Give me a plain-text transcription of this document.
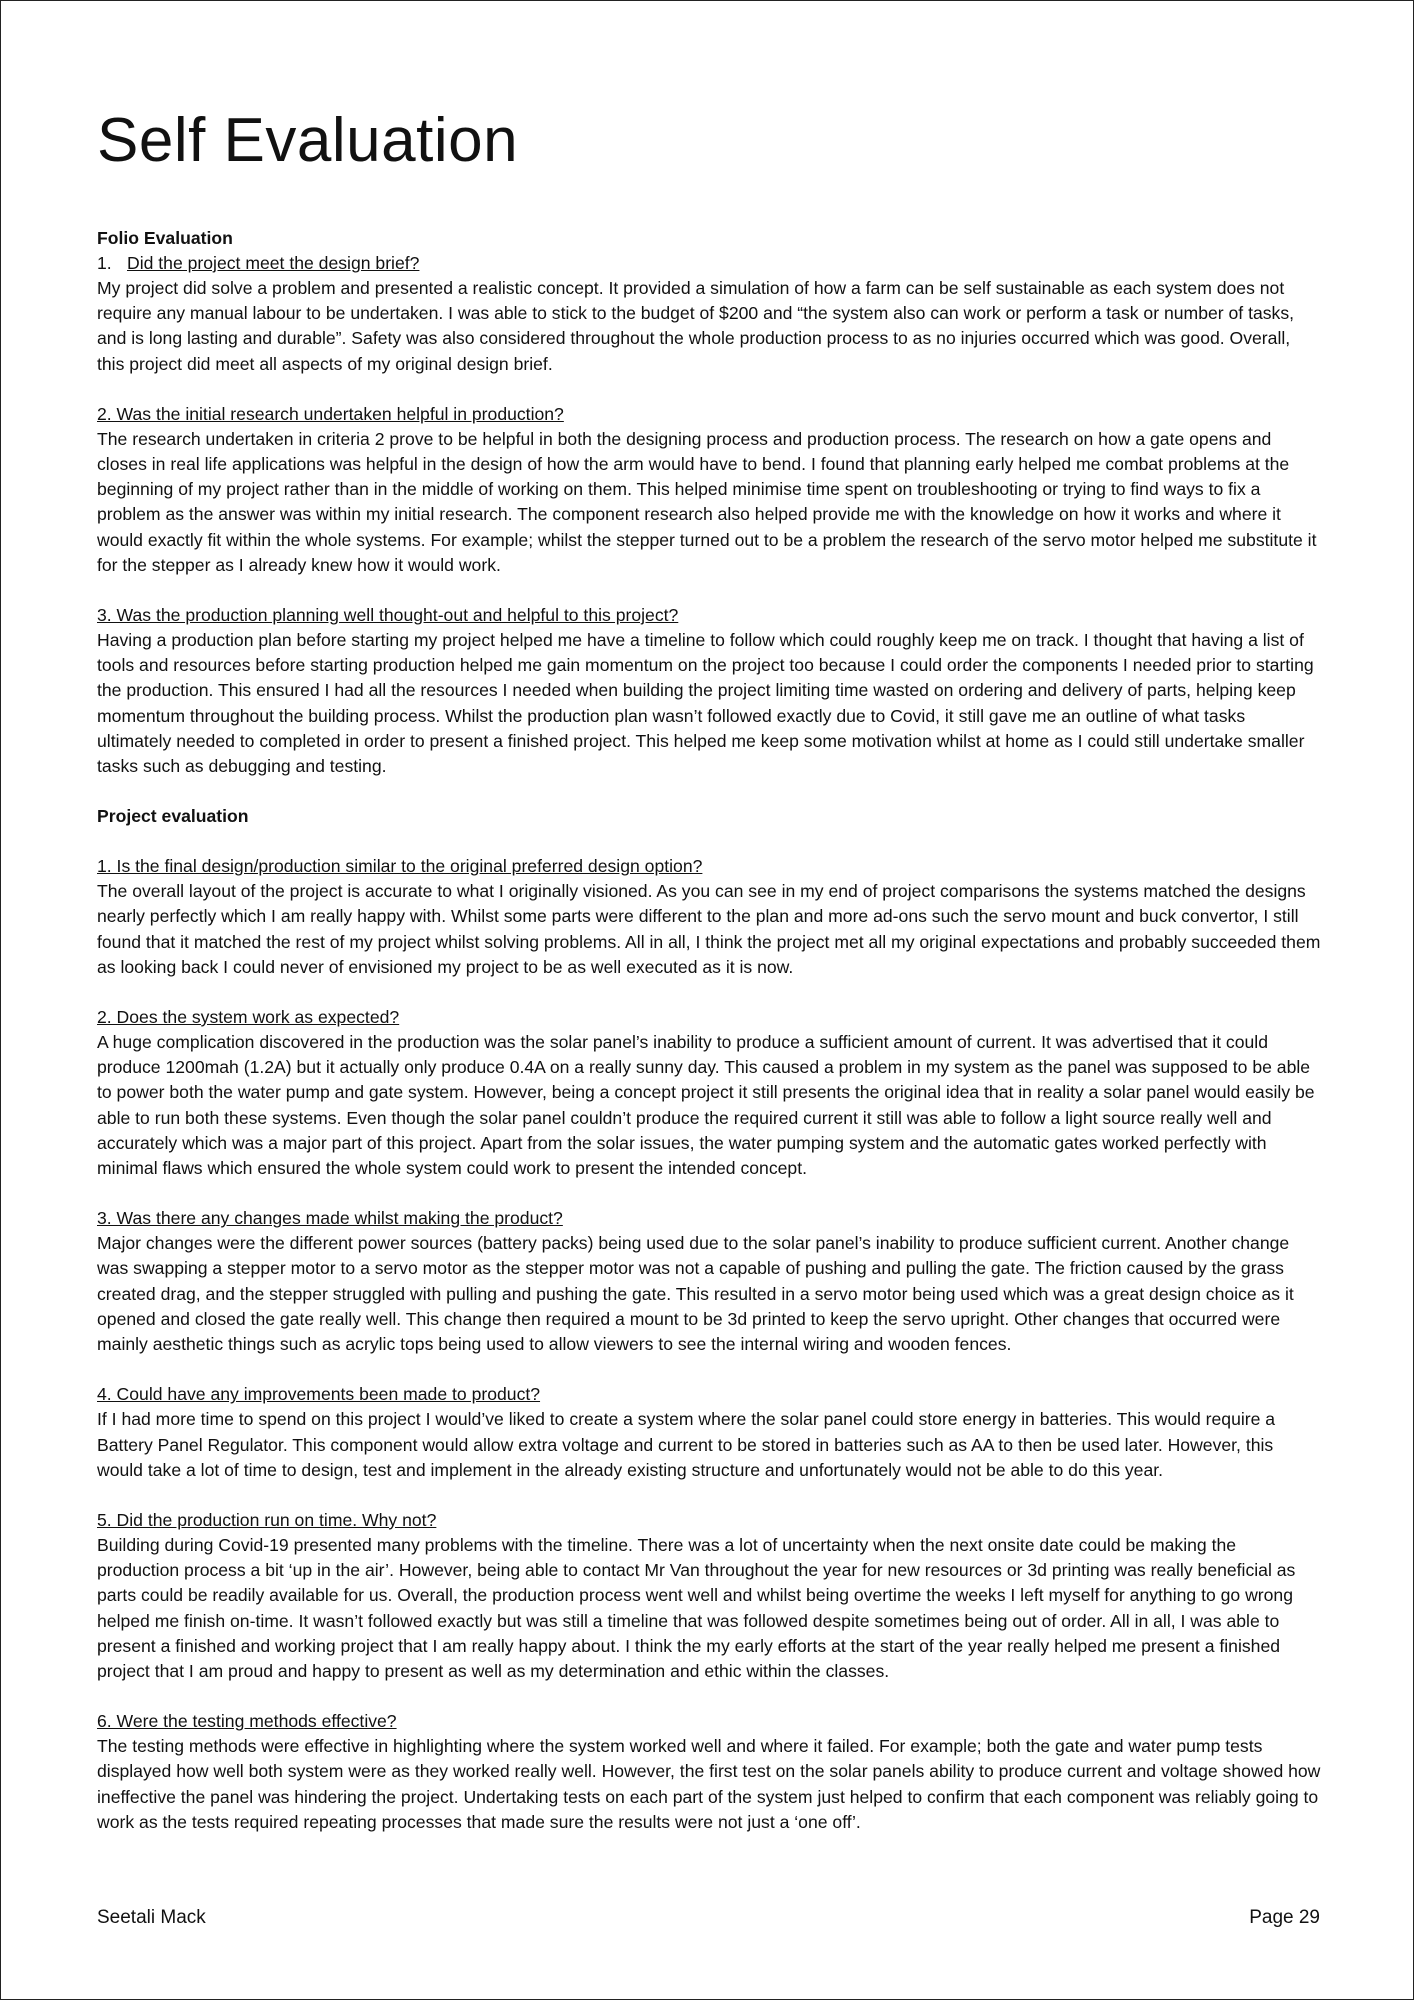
Self Evaluation

Folio Evaluation

1. Did the project meet the design brief?

My project did solve a problem and presented a realistic concept. It provided a simulation of how a farm can be self sustainable as each system does not require any manual labour to be undertaken. I was able to stick to the budget of $200 and “the system also can work or perform a task or number of tasks, and is long lasting and durable”. Safety was also considered throughout the whole production process to as no injuries occurred which was good. Overall, this project did meet all aspects of my original design brief.

2. Was the initial research undertaken helpful in production?

The research undertaken in criteria 2 prove to be helpful in both the designing process and production process. The research on how a gate opens and closes in real life applications was helpful in the design of how the arm would have to bend. I found that planning early helped me combat problems at the beginning of my project rather than in the middle of working on them. This helped minimise time spent on troubleshooting or trying to find ways to fix a problem as the answer was within my initial research. The component research also helped provide me with the knowledge on how it works and where it would exactly fit within the whole systems. For example; whilst the stepper turned out to be a problem the research of the servo motor helped me substitute it for the stepper as I already knew how it would work.

3. Was the production planning well thought-out and helpful to this project?

Having a production plan before starting my project helped me have a timeline to follow which could roughly keep me on track. I thought that having a list of tools and resources before starting production helped me gain momentum on the project too because I could order the components I needed prior to starting the production. This ensured I had all the resources I needed when building the project limiting time wasted on ordering and delivery of parts, helping keep momentum throughout the building process. Whilst the production plan wasn’t followed exactly due to Covid, it still gave me an outline of what tasks ultimately needed to completed in order to present a finished project. This helped me keep some motivation whilst at home as I could still undertake smaller tasks such as debugging and testing.

Project evaluation

1. Is the final design/production similar to the original preferred design option?

The overall layout of the project is accurate to what I originally visioned. As you can see in my end of project comparisons the systems matched the designs nearly perfectly which I am really happy with. Whilst some parts were different to the plan and more ad-ons such the servo mount and buck convertor, I still found that it matched the rest of my project whilst solving problems. All in all, I think the project met all my original expectations and probably succeeded them as looking back I could never of envisioned my project to be as well executed as it is now.

2. Does the system work as expected?

A huge complication discovered in the production was the solar panel’s inability to produce a sufficient amount of current. It was advertised that it could produce 1200mah (1.2A) but it actually only produce 0.4A on a really sunny day. This caused a problem in my system as the panel was supposed to be able to power both the water pump and gate system. However, being a concept project it still presents the original idea that in reality a solar panel would easily be able to run both these systems. Even though the solar panel couldn’t produce the required current it still was able to follow a light source really well and accurately which was a major part of this project. Apart from the solar issues, the water pumping system and the automatic gates worked perfectly with minimal flaws which ensured the whole system could work to present the intended concept.

3. Was there any changes made whilst making the product?

Major changes were the different power sources (battery packs) being used due to the solar panel’s inability to produce sufficient current. Another change was swapping a stepper motor to a servo motor as the stepper motor was not a capable of pushing and pulling the gate. The friction caused by the grass created drag, and the stepper struggled with pulling and pushing the gate. This resulted in a servo motor being used which was a great design choice as it opened and closed the gate really well. This change then required a mount to be 3d printed to keep the servo upright. Other changes that occurred were mainly aesthetic things such as acrylic tops being used to allow viewers to see the internal wiring and wooden fences.

4. Could have any improvements been made to product?

If I had more time to spend on this project I would’ve liked to create a system where the solar panel could store energy in batteries. This would require a Battery Panel Regulator. This component would allow extra voltage and current to be stored in batteries such as AA to then be used later. However, this would take a lot of time to design, test and implement in the already existing structure and unfortunately would not be able to do this year.

5. Did the production run on time. Why not?

Building during Covid-19 presented many problems with the timeline. There was a lot of uncertainty when the next onsite date could be making the production process a bit ‘up in the air’. However, being able to contact Mr Van throughout the year for new resources or 3d printing was really beneficial as parts could be readily available for us. Overall, the production process went well and whilst being overtime the weeks I left myself for anything to go wrong helped me finish on-time. It wasn’t followed exactly but was still a timeline that was followed despite sometimes being out of order. All in all, I was able to present a finished and working project that I am really happy about. I think the my early efforts at the start of the year really helped me present a finished project that I am proud and happy to present as well as my determination and ethic within the classes.

6. Were the testing methods effective?

The testing methods were effective in highlighting where the system worked well and where it failed. For example; both the gate and water pump tests displayed how well both system were as they worked really well. However, the first test on the solar panels ability to produce current and voltage showed how ineffective the panel was hindering the project. Undertaking tests on each part of the system just helped to confirm that each component was reliably going to work as the tests required repeating processes that made sure the results were not just a ‘one off’.

Seetali Mack	Page 29
